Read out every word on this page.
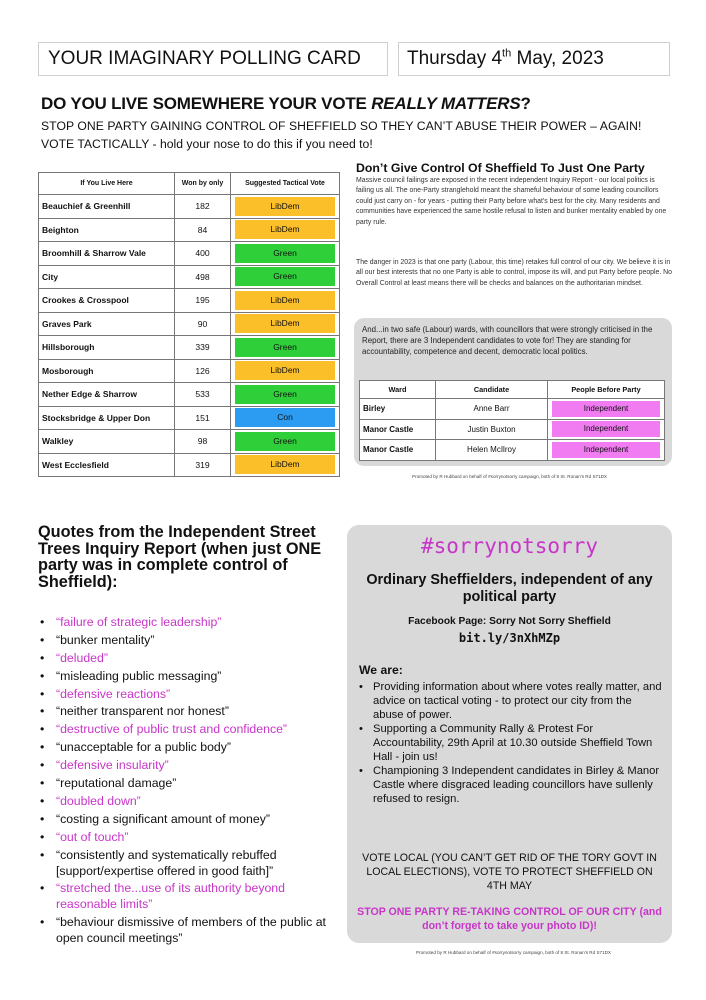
YOUR IMAGINARY POLLING CARD	Thursday 4th May, 2023
DO YOU LIVE SOMEWHERE YOUR VOTE REALLY MATTERS?
STOP ONE PARTY GAINING CONTROL OF SHEFFIELD SO THEY CAN’T ABUSE THEIR POWER – AGAIN!
VOTE TACTICALLY - hold your nose to do this if you need to!
If You Live Here	Won by only	Suggested Tactical Vote
Beauchief & Greenhill	182	LibDem

Beighton	84	LibDem

Broomhill & Sharrow Vale	400	Green

City	498	Green

Crookes & Crosspool	195	LibDem

Graves Park	90	LibDem

Hillsborough	339	Green

Mosborough	126	LibDem

Nether Edge & Sharrow	533	Green

Stocksbridge & Upper Don	151	Con

Walkley	98	Green

West Ecclesfield	319	LibDem
Don’t Give Control Of Sheffield To Just One Party
Massive council failings are exposed in the recent independent Inquiry Report - our local politics is failing us all. The one-Party stranglehold meant the shameful behaviour of some leading councillors could just carry on - for years - putting their Party before what’s best for the city. Many residents and communities have experienced the same hostile refusal to listen and bunker mentality enabled by one party rule.
The danger in 2023 is that one party (Labour, this time) retakes full control of our city. We believe it is in all our best interests that no one Party is able to control, impose its will, and put Party before people. No Overall Control at least means there will be checks and balances on the authoritarian mindset.
And...in two safe (Labour) wards, with councillors that were strongly criticised in the Report, there are 3 Independent candidates to vote for! They are standing for accountability, competence and decent, democratic local politics.
Ward	Candidate	People Before Party
Birley	Anne Barr	Independent

Manor Castle	Justin Buxton	Independent

Manor Castle	Helen McIlroy	Independent
Promoted by R Hubbard on behalf of #sorrynotsorry campaign, both of 8 St. Ronan’s Rd S71DX
Quotes from the Independent Street Trees Inquiry Report (when just ONE party was in complete control of Sheffield):
• “failure of strategic leadership”
• “bunker mentality”
• “deluded”
• “misleading public messaging”
• “defensive reactions”
• “neither transparent nor honest”
• “destructive of public trust and confidence”
• “unacceptable for a public body”
• “defensive insularity”
• “reputational damage”
• “doubled down”
• “costing a significant amount of money”
• “out of touch”
• “consistently and systematically rebuffed [support/expertise offered in good faith]”
• “stretched the...use of its authority beyond reasonable limits”
• “behaviour dismissive of members of the public at open council meetings”
#sorrynotsorry
Ordinary Sheffielders, independent of any political party
Facebook Page: Sorry Not Sorry Sheffield
bit.ly/3nXhMZp
We are:
• Providing information about where votes really matter, and advice on tactical voting - to protect our city from the abuse of power.
• Supporting a Community Rally & Protest For Accountability, 29th April at 10.30 outside Sheffield Town Hall - join us!
• Championing 3 Independent candidates in Birley & Manor Castle where disgraced leading councillors have sullenly refused to resign.
VOTE LOCAL (YOU CAN’T GET RID OF THE TORY GOVT IN LOCAL ELECTIONS), VOTE TO PROTECT SHEFFIELD ON 4TH MAY
STOP ONE PARTY RE-TAKING CONTROL OF OUR CITY (and don’t forget to take your photo ID)!
Promoted by R Hubbard on behalf of #sorrynotsorry campaign, both of 8 St. Ronan’s Rd S71DX
